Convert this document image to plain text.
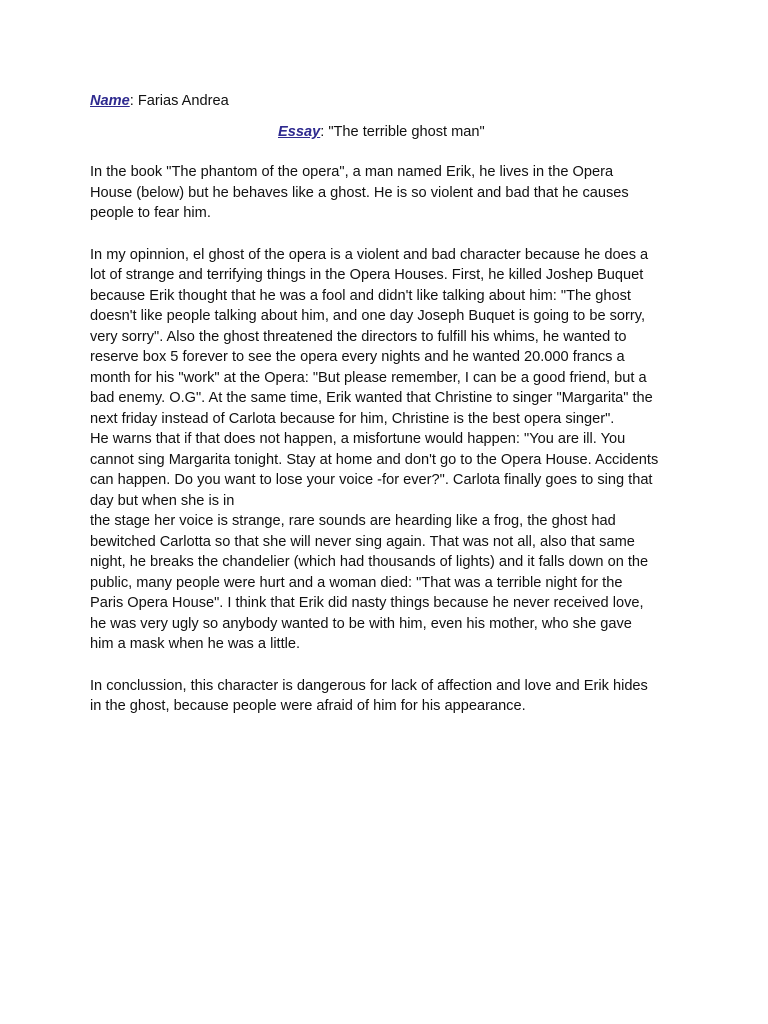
Name: Farias Andrea

Essay: "The terrible ghost man"

In the book "The phantom of the opera", a man named Erik, he lives in the Opera
House (below) but he behaves like a ghost. He is so violent and bad that he causes
people to fear him.

In my opinnion, el ghost of the opera is a violent and bad character because he does a
lot of strange and terrifying things in the Opera Houses. First, he killed Joshep Buquet
because Erik thought that he was a fool and didn't like talking about him: "The ghost
doesn't like people talking about him, and one day Joseph Buquet is going to be sorry,
very sorry". Also the ghost threatened the directors to fulfill his whims, he wanted to
reserve box 5 forever to see the opera every nights and he wanted 20.000 francs a
month for his "work" at the Opera: "But please remember, I can be a good friend, but a
bad enemy. O.G". At the same time, Erik wanted that Christine to singer "Margarita" the
next friday instead of Carlota because for him, Christine is the best opera singer".
He warns that if that does not happen, a misfortune would happen: "You are ill. You
cannot sing Margarita tonight. Stay at home and don't go to the Opera House. Accidents
can happen. Do you want to lose your voice -for ever?". Carlota finally goes to sing that
day but when she is in
the stage her voice is strange, rare sounds are hearding like a frog, the ghost had
bewitched Carlotta so that she will never sing again. That was not all, also that same
night, he breaks the chandelier (which had thousands of lights) and it falls down on the
public, many people were hurt and a woman died: "That was a terrible night for the
Paris Opera House". I think that Erik did nasty things because he never received love,
he was very ugly so anybody wanted to be with him, even his mother, who she gave
him a mask when he was a little.

In conclussion, this character is dangerous for lack of affection and love and Erik hides
in the ghost, because people were afraid of him for his appearance.
